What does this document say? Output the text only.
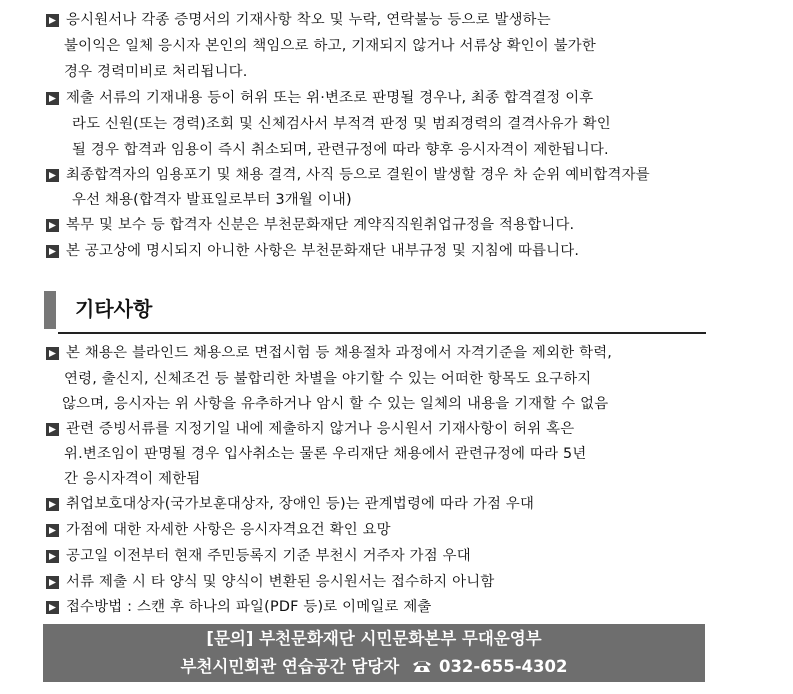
응시원서나 각종 증명서의 기재사항 착오 및 누락, 연락불능 등으로 발생하는
불이익은 일체 응시자 본인의 책임으로 하고, 기재되지 않거나 서류상 확인이 불가한
경우 경력미비로 처리됩니다.
제출 서류의 기재내용 등이 허위 또는 위·변조로 판명될 경우나, 최종 합격결정 이후
라도 신원(또는 경력)조회 및 신체검사서 부적격 판정 및 범죄경력의 결격사유가 확인
될 경우 합격과 임용이 즉시 취소되며, 관련규정에 따라 향후 응시자격이 제한됩니다.
최종합격자의 임용포기 및 채용 결격, 사직 등으로 결원이 발생할 경우 차 순위 예비합격자를
우선 채용(합격자 발표일로부터 3개월 이내)
복무 및 보수 등 합격자 신분은 부천문화재단 계약직직원취업규정을 적용합니다.
본 공고상에 명시되지 아니한 사항은 부천문화재단 내부규정 및 지침에 따릅니다.
기타사항
본 채용은 블라인드 채용으로 면접시험 등 채용절차 과정에서 자격기준을 제외한 학력,
연령, 출신지, 신체조건 등 불합리한 차별을 야기할 수 있는 어떠한 항목도 요구하지
않으며, 응시자는 위 사항을 유추하거나 암시 할 수 있는 일체의 내용을 기재할 수 없음
관련 증빙서류를 지정기일 내에 제출하지 않거나 응시원서 기재사항이 허위 혹은
위.변조임이 판명될 경우 입사취소는 물론 우리재단 채용에서 관련규정에 따라 5년
간 응시자격이 제한됨
취업보호대상자(국가보훈대상자, 장애인 등)는 관계법령에 따라 가점 우대
가점에 대한 자세한 사항은 응시자격요건 확인 요망
공고일 이전부터 현재 주민등록지 기준 부천시 거주자 가점 우대
서류 제출 시 타 양식 및 양식이 변환된 응시원서는 접수하지 아니함
접수방법 : 스캔 후 하나의 파일(PDF 등)로 이메일로 제출
[문의] 부천문화재단 시민문화본부 무대운영부
부천시민회관 연습공간 담당자 032-655-4302
